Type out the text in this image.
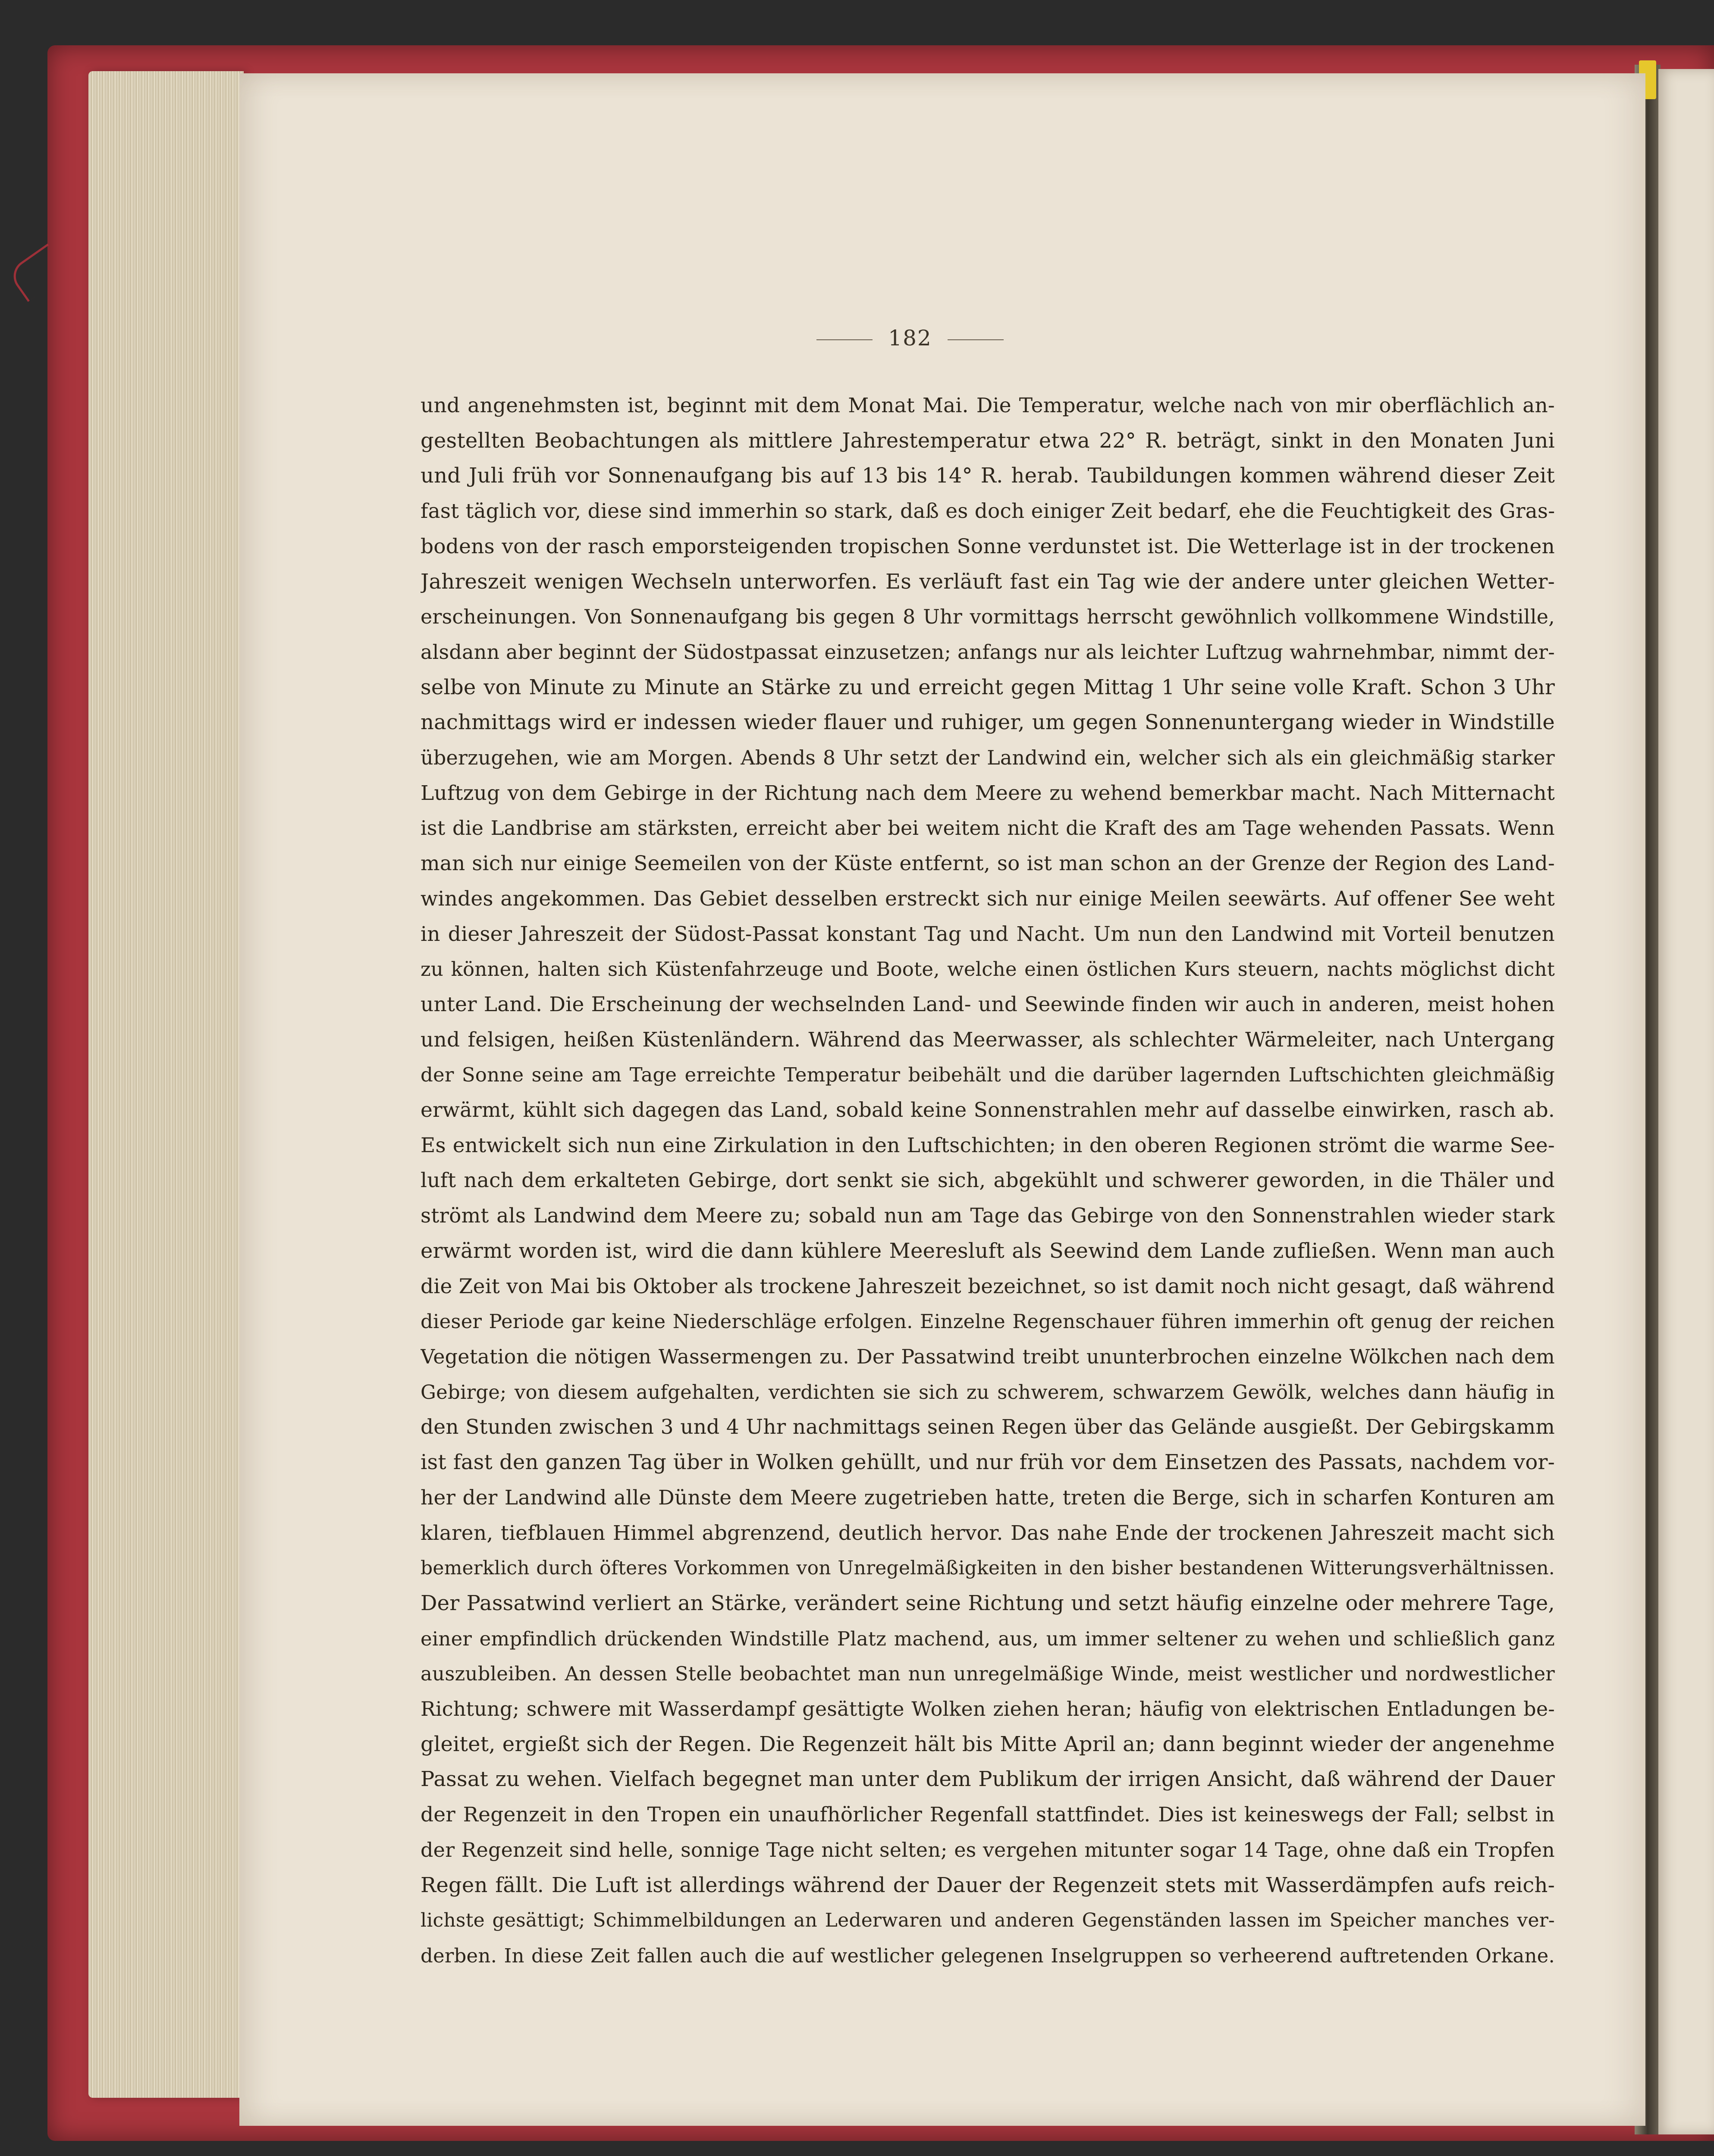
182
und angenehmsten ist, beginnt mit dem Monat Mai. Die Temperatur, welche nach von mir oberflächlich an-
gestellten Beobachtungen als mittlere Jahrestemperatur etwa 22° R. beträgt, sinkt in den Monaten Juni
und Juli früh vor Sonnenaufgang bis auf 13 bis 14° R. herab. Taubildungen kommen während dieser Zeit
fast täglich vor, diese sind immerhin so stark, daß es doch einiger Zeit bedarf, ehe die Feuchtigkeit des Gras-
bodens von der rasch emporsteigenden tropischen Sonne verdunstet ist. Die Wetterlage ist in der trockenen
Jahreszeit wenigen Wechseln unterworfen. Es verläuft fast ein Tag wie der andere unter gleichen Wetter-
erscheinungen. Von Sonnenaufgang bis gegen 8 Uhr vormittags herrscht gewöhnlich vollkommene Windstille,
alsdann aber beginnt der Südostpassat einzusetzen; anfangs nur als leichter Luftzug wahrnehmbar, nimmt der-
selbe von Minute zu Minute an Stärke zu und erreicht gegen Mittag 1 Uhr seine volle Kraft. Schon 3 Uhr
nachmittags wird er indessen wieder flauer und ruhiger, um gegen Sonnenuntergang wieder in Windstille
überzugehen, wie am Morgen. Abends 8 Uhr setzt der Landwind ein, welcher sich als ein gleichmäßig starker
Luftzug von dem Gebirge in der Richtung nach dem Meere zu wehend bemerkbar macht. Nach Mitternacht
ist die Landbrise am stärksten, erreicht aber bei weitem nicht die Kraft des am Tage wehenden Passats. Wenn
man sich nur einige Seemeilen von der Küste entfernt, so ist man schon an der Grenze der Region des Land-
windes angekommen. Das Gebiet desselben erstreckt sich nur einige Meilen seewärts. Auf offener See weht
in dieser Jahreszeit der Südost-Passat konstant Tag und Nacht. Um nun den Landwind mit Vorteil benutzen
zu können, halten sich Küstenfahrzeuge und Boote, welche einen östlichen Kurs steuern, nachts möglichst dicht
unter Land. Die Erscheinung der wechselnden Land- und Seewinde finden wir auch in anderen, meist hohen
und felsigen, heißen Küstenländern. Während das Meerwasser, als schlechter Wärmeleiter, nach Untergang
der Sonne seine am Tage erreichte Temperatur beibehält und die darüber lagernden Luftschichten gleichmäßig
erwärmt, kühlt sich dagegen das Land, sobald keine Sonnenstrahlen mehr auf dasselbe einwirken, rasch ab.
Es entwickelt sich nun eine Zirkulation in den Luftschichten; in den oberen Regionen strömt die warme See-
luft nach dem erkalteten Gebirge, dort senkt sie sich, abgekühlt und schwerer geworden, in die Thäler und
strömt als Landwind dem Meere zu; sobald nun am Tage das Gebirge von den Sonnenstrahlen wieder stark
erwärmt worden ist, wird die dann kühlere Meeresluft als Seewind dem Lande zufließen. Wenn man auch
die Zeit von Mai bis Oktober als trockene Jahreszeit bezeichnet, so ist damit noch nicht gesagt, daß während
dieser Periode gar keine Niederschläge erfolgen. Einzelne Regenschauer führen immerhin oft genug der reichen
Vegetation die nötigen Wassermengen zu. Der Passatwind treibt ununterbrochen einzelne Wölkchen nach dem
Gebirge; von diesem aufgehalten, verdichten sie sich zu schwerem, schwarzem Gewölk, welches dann häufig in
den Stunden zwischen 3 und 4 Uhr nachmittags seinen Regen über das Gelände ausgießt. Der Gebirgskamm
ist fast den ganzen Tag über in Wolken gehüllt, und nur früh vor dem Einsetzen des Passats, nachdem vor-
her der Landwind alle Dünste dem Meere zugetrieben hatte, treten die Berge, sich in scharfen Konturen am
klaren, tiefblauen Himmel abgrenzend, deutlich hervor. Das nahe Ende der trockenen Jahreszeit macht sich
bemerklich durch öfteres Vorkommen von Unregelmäßigkeiten in den bisher bestandenen Witterungsverhältnissen.
Der Passatwind verliert an Stärke, verändert seine Richtung und setzt häufig einzelne oder mehrere Tage,
einer empfindlich drückenden Windstille Platz machend, aus, um immer seltener zu wehen und schließlich ganz
auszubleiben. An dessen Stelle beobachtet man nun unregelmäßige Winde, meist westlicher und nordwestlicher
Richtung; schwere mit Wasserdampf gesättigte Wolken ziehen heran; häufig von elektrischen Entladungen be-
gleitet, ergießt sich der Regen. Die Regenzeit hält bis Mitte April an; dann beginnt wieder der angenehme
Passat zu wehen. Vielfach begegnet man unter dem Publikum der irrigen Ansicht, daß während der Dauer
der Regenzeit in den Tropen ein unaufhörlicher Regenfall stattfindet. Dies ist keineswegs der Fall; selbst in
der Regenzeit sind helle, sonnige Tage nicht selten; es vergehen mitunter sogar 14 Tage, ohne daß ein Tropfen
Regen fällt. Die Luft ist allerdings während der Dauer der Regenzeit stets mit Wasserdämpfen aufs reich-
lichste gesättigt; Schimmelbildungen an Lederwaren und anderen Gegenständen lassen im Speicher manches ver-
derben. In diese Zeit fallen auch die auf westlicher gelegenen Inselgruppen so verheerend auftretenden Orkane.
